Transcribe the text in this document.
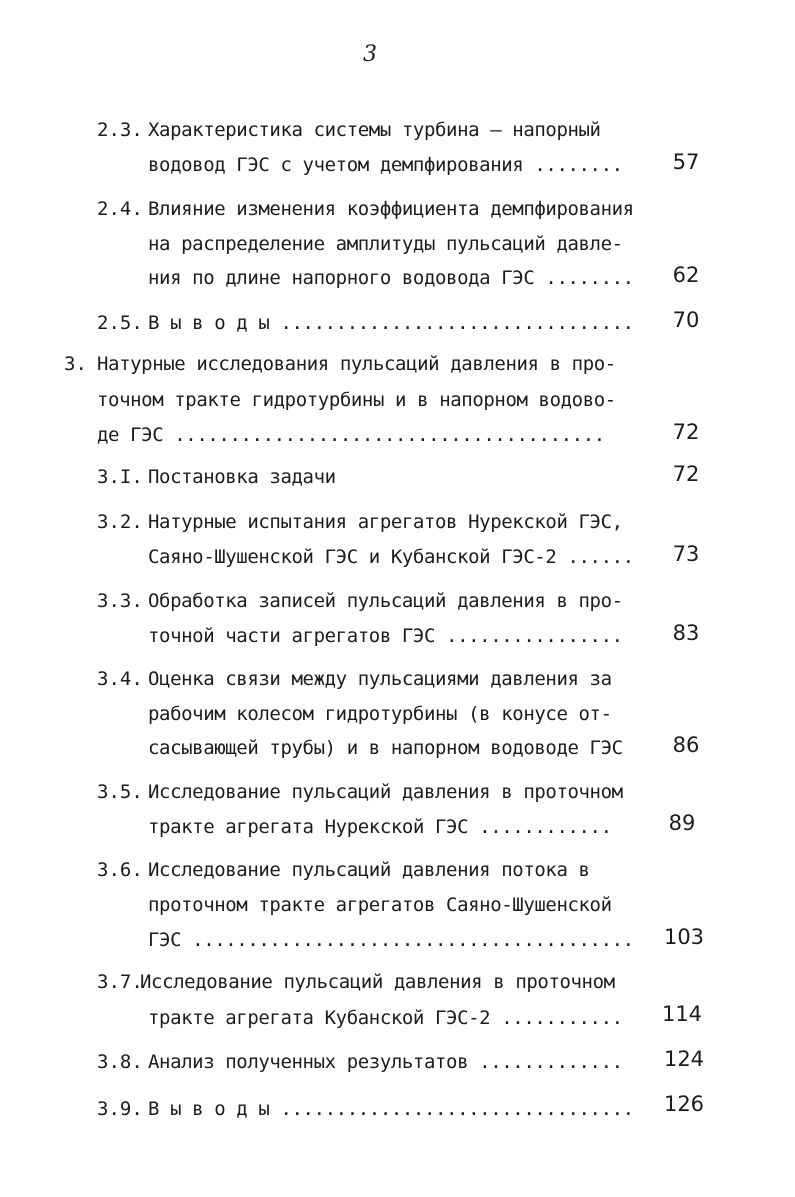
3
2.3. Характеристика системы турбина – напорный
водовод ГЭС с учетом демпфирования ........	57
2.4. Влияние изменения коэффициента демпфирования
на распределение амплитуды пульсаций давле-
ния по длине напорного водовода ГЭС ........	62
2.5. В ы в о д ы ................................	70
3. Натурные исследования пульсаций давления в про-
точном тракте гидротурбины и в напорном водово-
де ГЭС .......................................	72
3.I. Постановка задачи	72
3.2. Натурные испытания агрегатов Нурекской ГЭС,
Саяно-Шушенской ГЭС и Кубанской ГЭС-2 ......	73
3.3. Обработка записей пульсаций давления в про-
точной части агрегатов ГЭС ................	83
3.4. Оценка связи между пульсациями давления за
рабочим колесом гидротурбины (в конусе от-
сасывающей трубы) и в напорном водоводе ГЭС	86
3.5. Исследование пульсаций давления в проточном
тракте агрегата Нурекской ГЭС ............	89
3.6. Исследование пульсаций давления потока в
проточном тракте агрегатов Саяно-Шушенской
ГЭС ........................................	103
3.7.
Исследование пульсаций давления в проточном
тракте агрегата Кубанской ГЭС-2 ...........	114
3.8. Анализ полученных результатов .............	124
3.9. В ы в о д ы ................................	126
